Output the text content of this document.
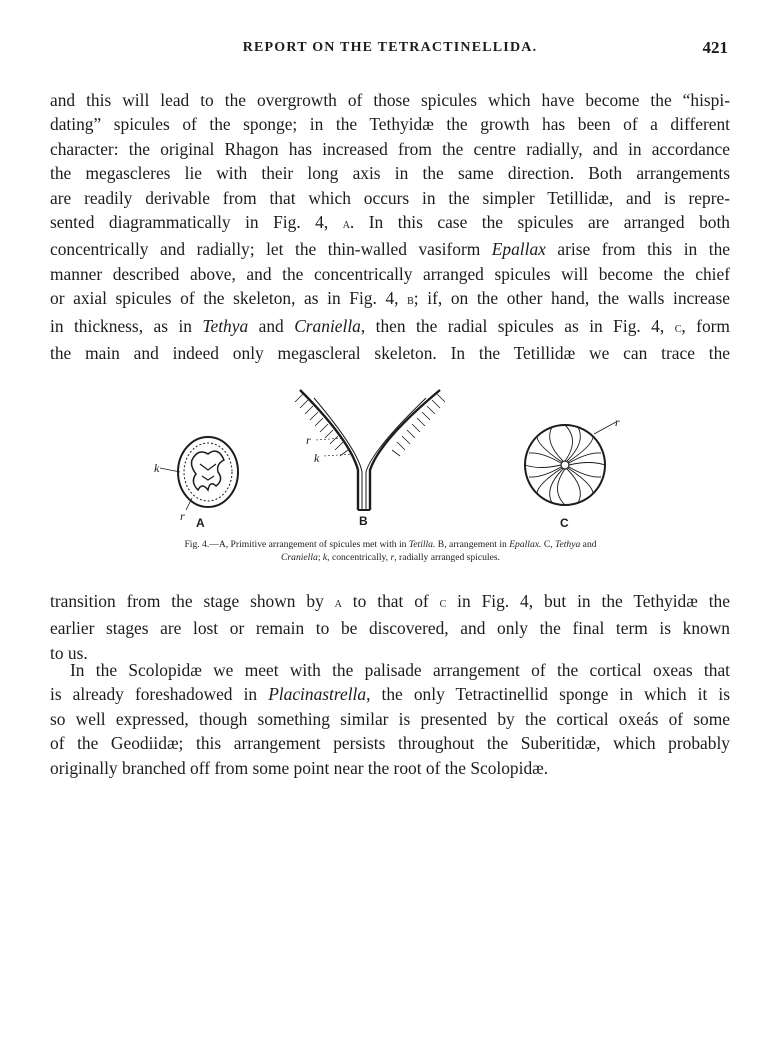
REPORT ON THE TETRACTINELLIDA.	421

and this will lead to the overgrowth of those spicules which have become the “hispi-
dating” spicules of the sponge; in the Tethyidæ the growth has been of a different
character: the original Rhagon has increased from the centre radially, and in accordance
the megascleres lie with their long axis in the same direction. Both arrangements
are readily derivable from that which occurs in the simpler Tetillidæ, and is repre-
sented diagrammatically in Fig. 4, a. In this case the spicules are arranged both
concentrically and radially; let the thin-walled vasiform Epallax arise from this in the
manner described above, and the concentrically arranged spicules will become the chief
or axial spicules of the skeleton, as in Fig. 4, b; if, on the other hand, the walls increase
in thickness, as in Tethya and Craniella, then the radial spicules as in Fig. 4, c, form
the main and indeed only megascleral skeleton. In the Tetillidæ we can trace the

k
r
r
k
r
A	B	C

Fig. 4.—A, Primitive arrangement of spicules met with in Tetilla. B, arrangement in Epallax. C, Tethya and
Craniella; k, concentrically, r, radially arranged spicules.

transition from the stage shown by a to that of c in Fig. 4, but in the Tethyidæ the
earlier stages are lost or remain to be discovered, and only the final term is known
to us.

In the Scolopidæ we meet with the palisade arrangement of the cortical oxeas that
is already foreshadowed in Placinastrella, the only Tetractinellid sponge in which it is
so well expressed, though something similar is presented by the cortical oxeás of some
of the Geodiidæ; this arrangement persists throughout the Suberitidæ, which probably
originally branched off from some point near the root of the Scolopidæ.
